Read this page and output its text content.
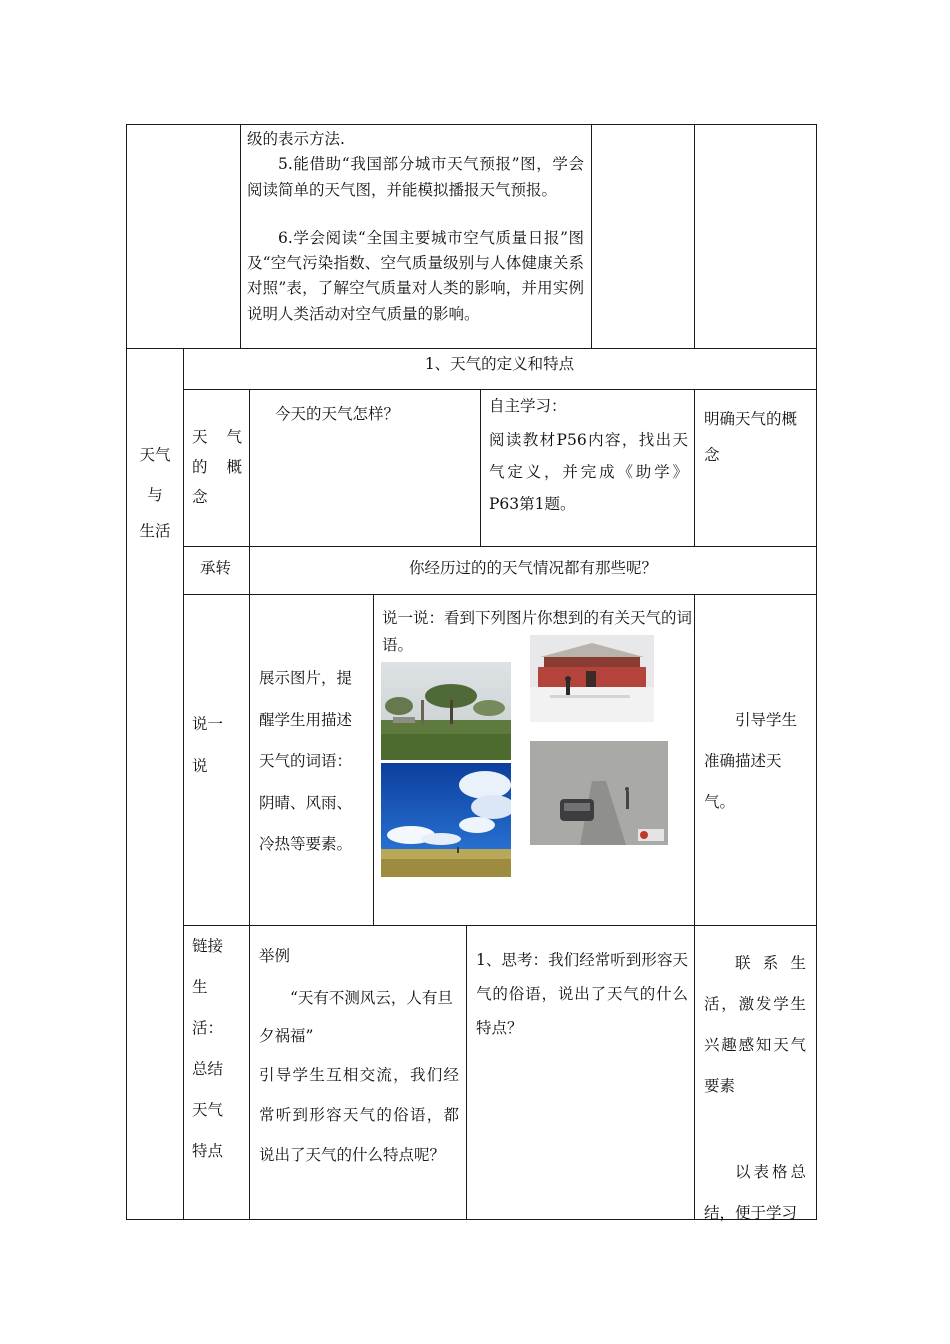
级的表示方法.
5.能借助“我国部分城市天气预报”图，学会阅读简单的天气图，并能模拟播报天气预报。
6.学会阅读“全国主要城市空气质量日报”图及“空气污染指数、空气质量级别与人体健康关系对照”表，了解空气质量对人类的影响，并用实例说明人类活动对空气质量的影响。
天气
与
生活
1、天气的定义和特点
天 气 的 概 念
今天的天气怎样？	自主学习：
阅读教材P56内容，找出天气定义，并完成《助学》P63第1题。
明确天气的概念
承转	你经历过的的天气情况都有那些呢？
说一说
展示图片，提醒学生用描述天气的词语：阴晴、风雨、冷热等要素。
说一说：看到下列图片你想到的有关天气的词语。
引导学生准确描述天气。
链接生活：总结天气特点
举例
“天有不测风云，人有旦夕祸福”
引导学生互相交流，我们经常听到形容天气的俗语，都说出了天气的什么特点呢？
1、思考：我们经常听到形容天气的俗语，说出了天气的什么特点？
联系生活，激发学生兴趣感知天气要素
以表格总结，便于学习
